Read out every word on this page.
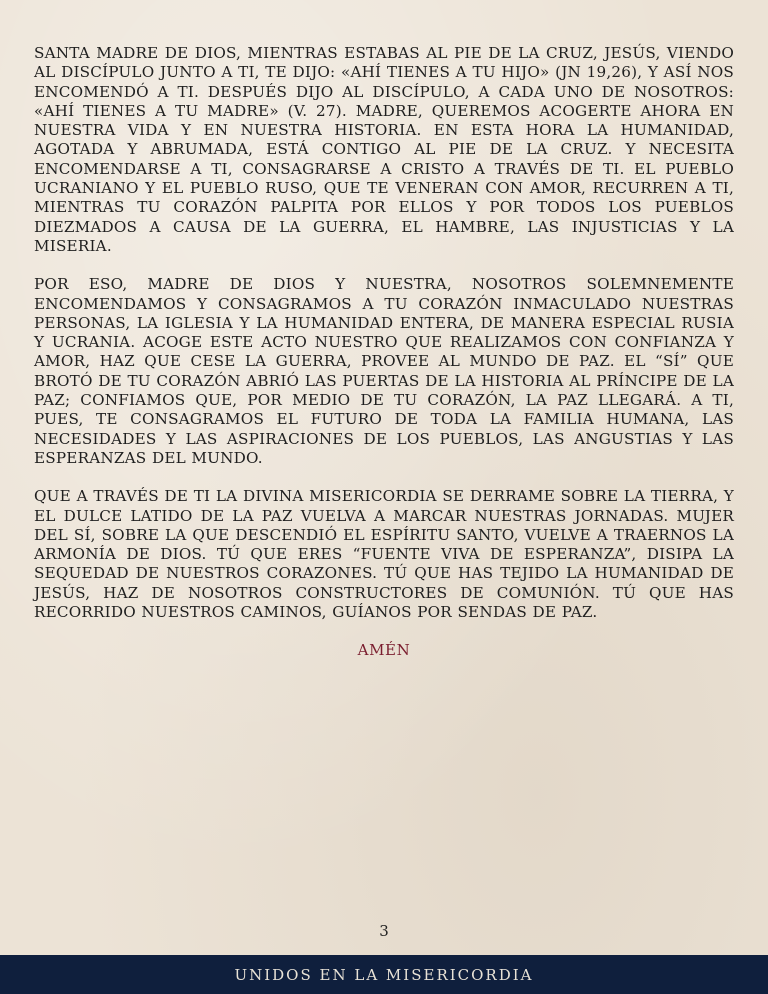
SANTA MADRE DE DIOS, MIENTRAS ESTABAS AL PIE DE LA CRUZ, JESÚS, VIENDO AL DISCÍPULO JUNTO A TI, TE DIJO: «AHÍ TIENES A TU HIJO» (JN 19,26), Y ASÍ NOS ENCOMENDÓ A TI. DESPUÉS DIJO AL DISCÍPULO, A CADA UNO DE NOSOTROS: «AHÍ TIENES A TU MADRE» (V. 27). MADRE, QUEREMOS ACOGERTE AHORA EN NUESTRA VIDA Y EN NUESTRA HISTORIA. EN ESTA HORA LA HUMANIDAD, AGOTADA Y ABRUMADA, ESTÁ CONTIGO AL PIE DE LA CRUZ. Y NECESITA ENCOMENDARSE A TI, CONSAGRARSE A CRISTO A TRAVÉS DE TI. EL PUEBLO UCRANIANO Y EL PUEBLO RUSO, QUE TE VENERAN CON AMOR, RECURREN A TI, MIENTRAS TU CORAZÓN PALPITA POR ELLOS Y POR TODOS LOS PUEBLOS DIEZMADOS A CAUSA DE LA GUERRA, EL HAMBRE, LAS INJUSTICIAS Y LA MISERIA.

POR ESO, MADRE DE DIOS Y NUESTRA, NOSOTROS SOLEMNEMENTE ENCOMENDAMOS Y CONSAGRAMOS A TU CORAZÓN INMACULADO NUESTRAS PERSONAS, LA IGLESIA Y LA HUMANIDAD ENTERA, DE MANERA ESPECIAL RUSIA Y UCRANIA. ACOGE ESTE ACTO NUESTRO QUE REALIZAMOS CON CONFIANZA Y AMOR, HAZ QUE CESE LA GUERRA, PROVEE AL MUNDO DE PAZ. EL “SÍ” QUE BROTÓ DE TU CORAZÓN ABRIÓ LAS PUERTAS DE LA HISTORIA AL PRÍNCIPE DE LA PAZ; CONFIAMOS QUE, POR MEDIO DE TU CORAZÓN, LA PAZ LLEGARÁ. A TI, PUES, TE CONSAGRAMOS EL FUTURO DE TODA LA FAMILIA HUMANA, LAS NECESIDADES Y LAS ASPIRACIONES DE LOS PUEBLOS, LAS ANGUSTIAS Y LAS ESPERANZAS DEL MUNDO.

QUE A TRAVÉS DE TI LA DIVINA MISERICORDIA SE DERRAME SOBRE LA TIERRA, Y EL DULCE LATIDO DE LA PAZ VUELVA A MARCAR NUESTRAS JORNADAS. MUJER DEL SÍ, SOBRE LA QUE DESCENDIÓ EL ESPÍRITU SANTO, VUELVE A TRAERNOS LA ARMONÍA DE DIOS. TÚ QUE ERES “FUENTE VIVA DE ESPERANZA”, DISIPA LA SEQUEDAD DE NUESTROS CORAZONES. TÚ QUE HAS TEJIDO LA HUMANIDAD DE JESÚS, HAZ DE NOSOTROS CONSTRUCTORES DE COMUNIÓN. TÚ QUE HAS RECORRIDO NUESTROS CAMINOS, GUÍANOS POR SENDAS DE PAZ.

AMÉN

3
UNIDOS EN LA MISERICORDIA
